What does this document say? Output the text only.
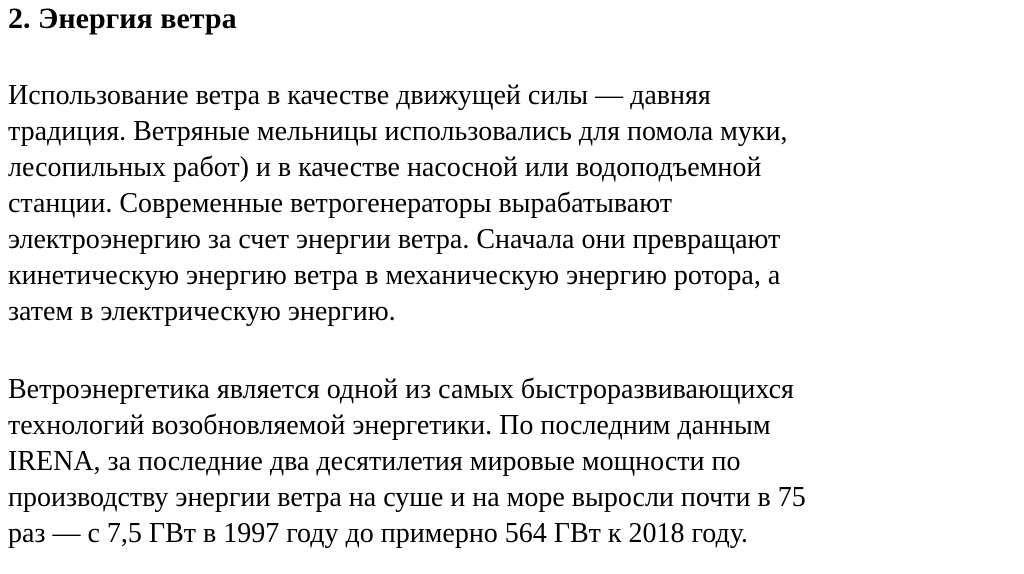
2. Энергия ветра

Использование ветра в качестве движущей силы — давняя
традиция. Ветряные мельницы использовались для помола муки,
лесопильных работ) и в качестве насосной или водоподъемной
станции. Современные ветрогенераторы вырабатывают
электроэнергию за счет энергии ветра. Сначала они превращают
кинетическую энергию ветра в механическую энергию ротора, а
затем в электрическую энергию.

Ветроэнергетика является одной из самых быстроразвивающихся
технологий возобновляемой энергетики. По последним данным
IRENA, за последние два десятилетия мировые мощности по
производству энергии ветра на суше и на море выросли почти в 75
раз — с 7,5 ГВт в 1997 году до примерно 564 ГВт к 2018 году.
